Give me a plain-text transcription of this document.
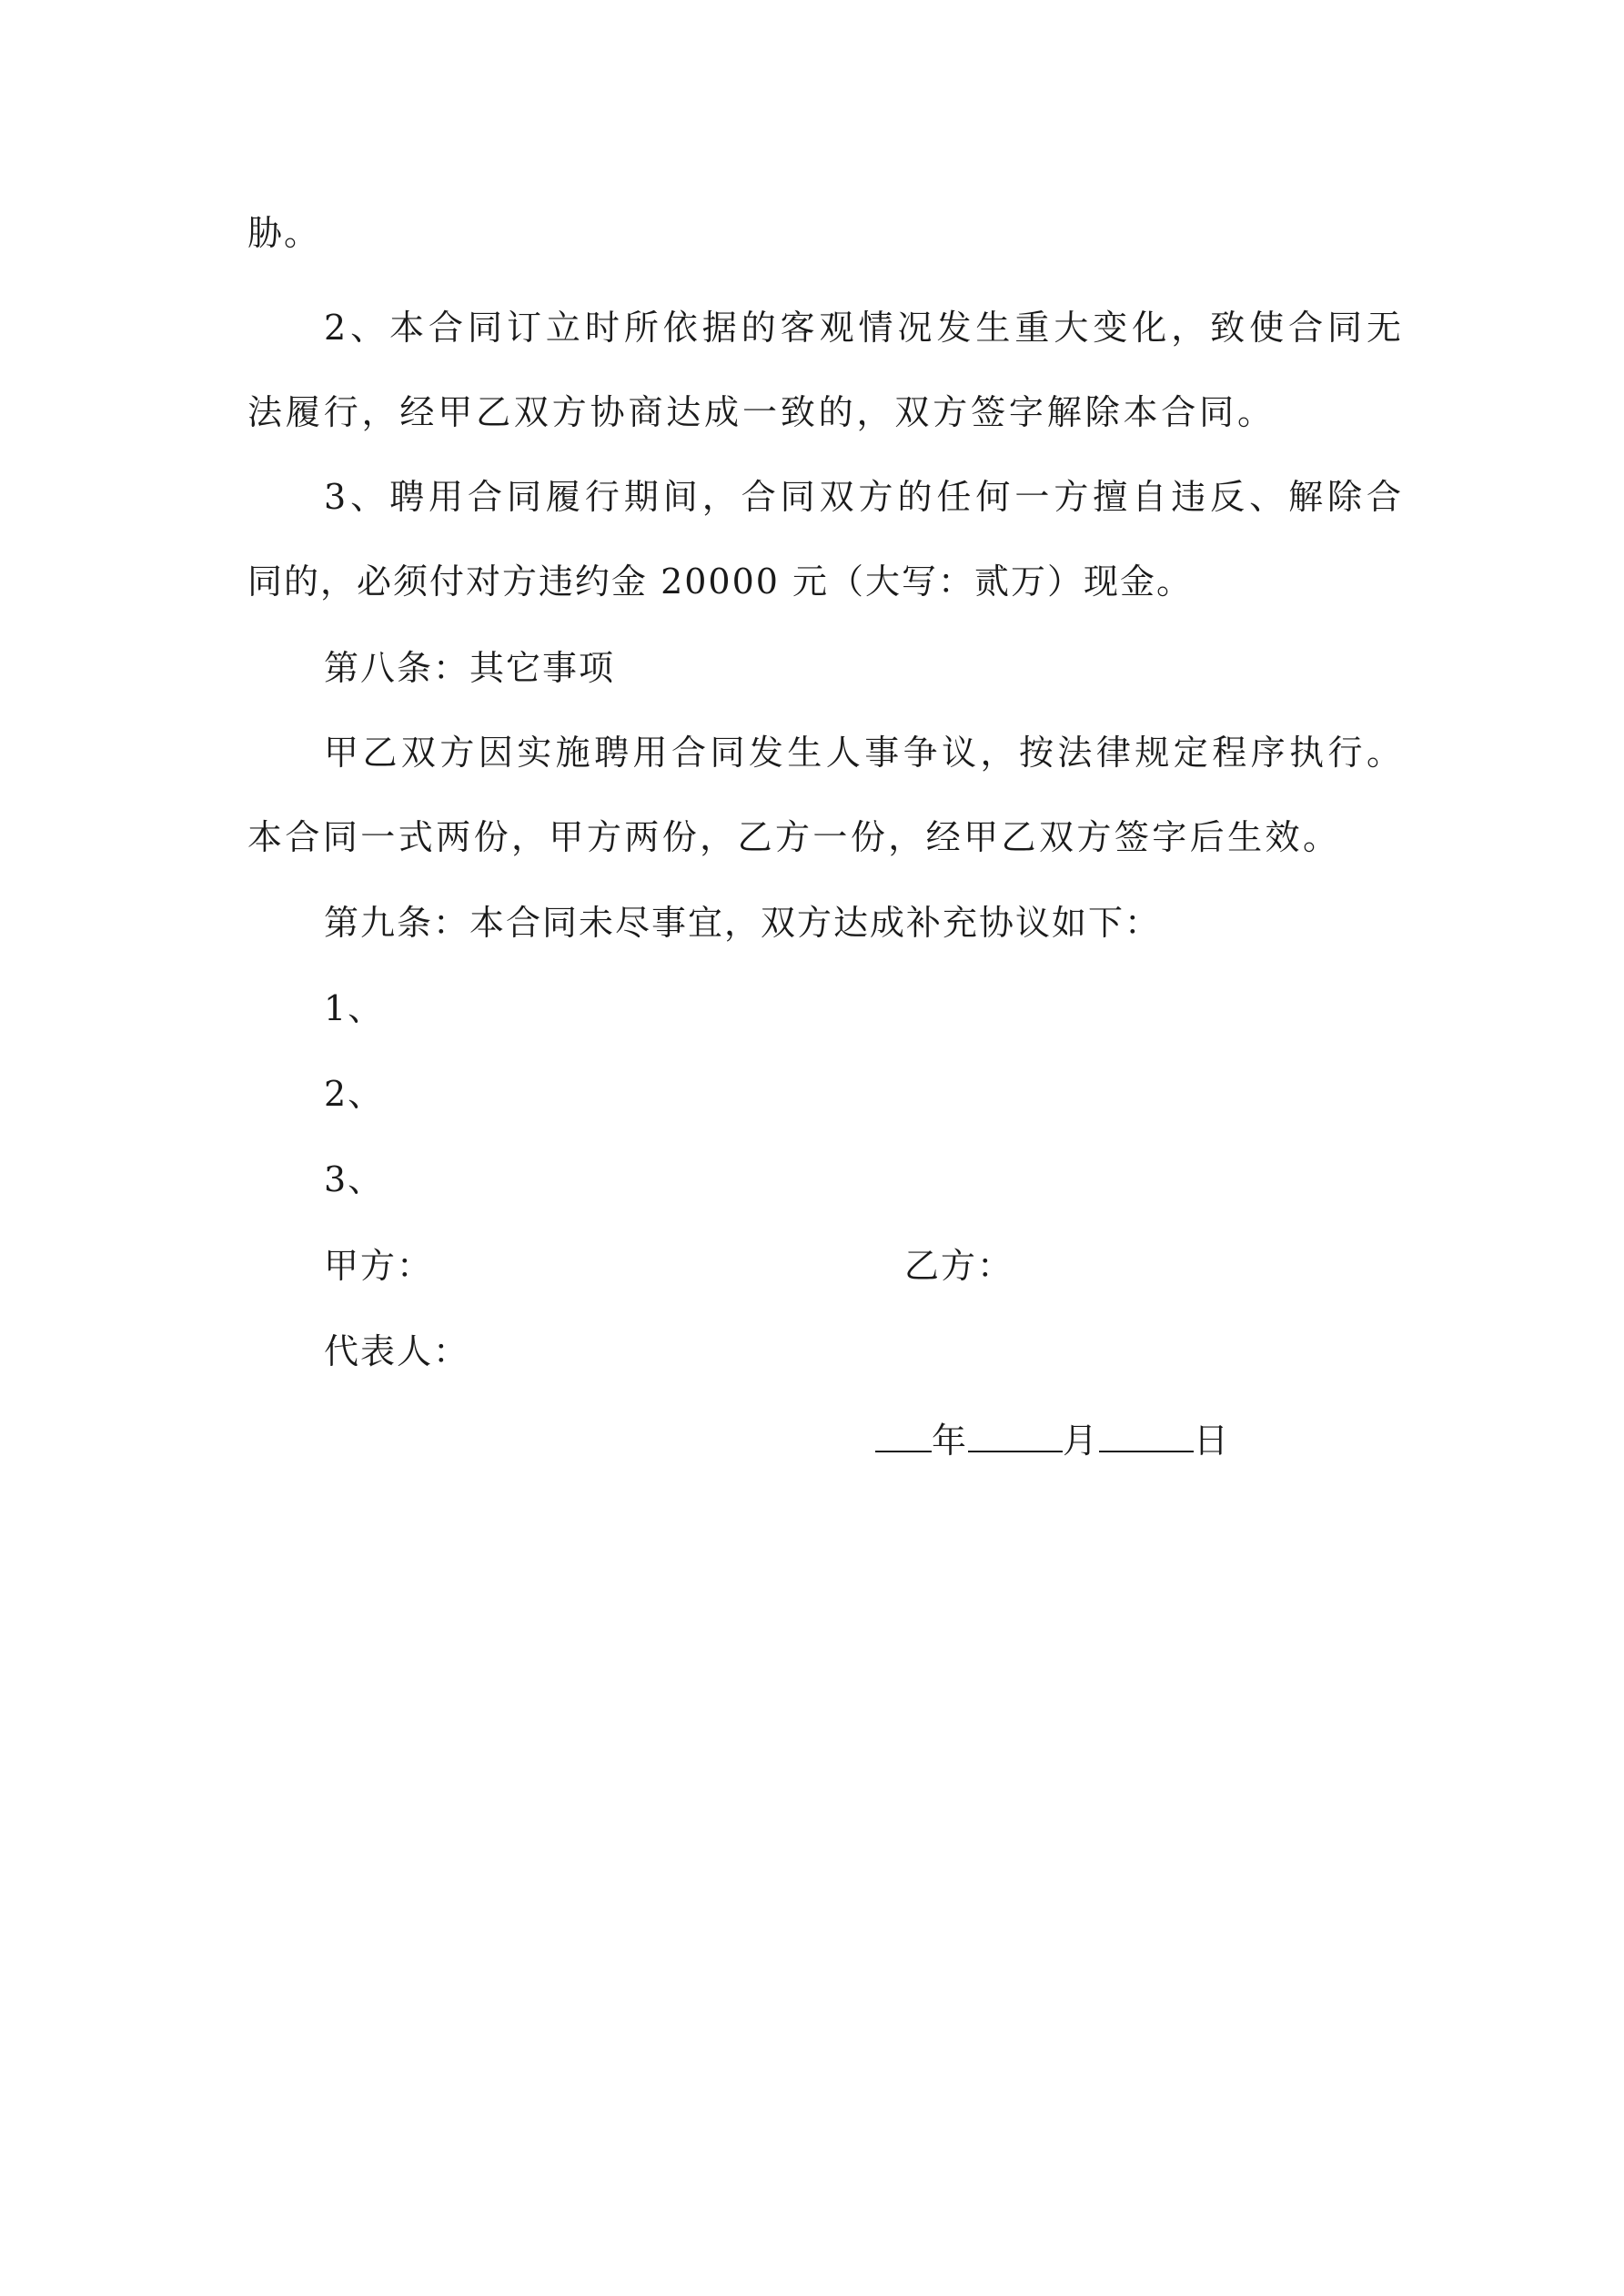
胁。
2、本合同订立时所依据的客观情况发生重大变化，致使合同无
法履行，经甲乙双方协商达成一致的，双方签字解除本合同。
3、聘用合同履行期间，合同双方的任何一方擅自违反、解除合
同的，必须付对方违约金 20000 元（大写：贰万）现金。
第八条：其它事项
甲乙双方因实施聘用合同发生人事争议，按法律规定程序执行。
本合同一式两份，甲方两份，乙方一份，经甲乙双方签字后生效。
第九条：本合同未尽事宜，双方达成补充协议如下：
1、
2、
3、
甲方：	乙方：
代表人：
年	月	日
